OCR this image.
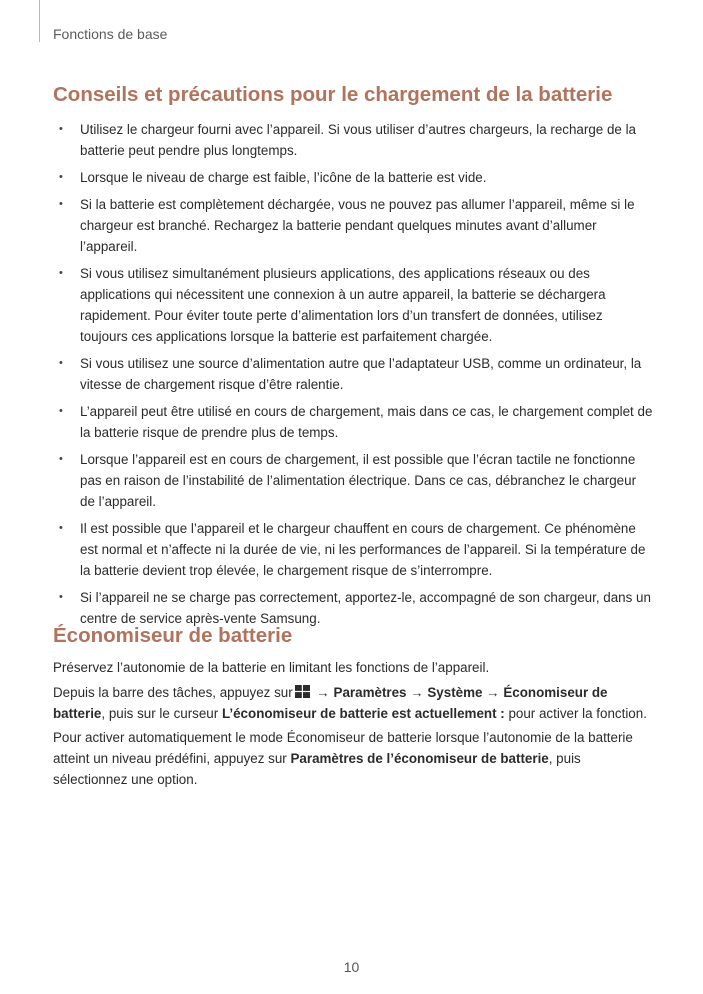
Fonctions de base
Conseils et précautions pour le chargement de la batterie
• Utilisez le chargeur fourni avec l’appareil. Si vous utiliser d’autres chargeurs, la recharge de la batterie peut pendre plus longtemps.
• Lorsque le niveau de charge est faible, l’icône de la batterie est vide.
• Si la batterie est complètement déchargée, vous ne pouvez pas allumer l’appareil, même si le chargeur est branché. Rechargez la batterie pendant quelques minutes avant d’allumer l’appareil.
• Si vous utilisez simultanément plusieurs applications, des applications réseaux ou des applications qui nécessitent une connexion à un autre appareil, la batterie se déchargera rapidement. Pour éviter toute perte d’alimentation lors d’un transfert de données, utilisez toujours ces applications lorsque la batterie est parfaitement chargée.
• Si vous utilisez une source d’alimentation autre que l’adaptateur USB, comme un ordinateur, la vitesse de chargement risque d’être ralentie.
• L’appareil peut être utilisé en cours de chargement, mais dans ce cas, le chargement complet de la batterie risque de prendre plus de temps.
• Lorsque l’appareil est en cours de chargement, il est possible que l’écran tactile ne fonctionne pas en raison de l’instabilité de l’alimentation électrique. Dans ce cas, débranchez le chargeur de l’appareil.
• Il est possible que l’appareil et le chargeur chauffent en cours de chargement. Ce phénomène est normal et n’affecte ni la durée de vie, ni les performances de l’appareil. Si la température de la batterie devient trop élevée, le chargement risque de s’interrompre.
• Si l’appareil ne se charge pas correctement, apportez-le, accompagné de son chargeur, dans un centre de service après-vente Samsung.
Économiseur de batterie

Préservez l’autonomie de la batterie en limitant les fonctions de l’appareil.

Depuis la barre des tâches, appuyez sur → Paramètres → Système → Économiseur de batterie, puis sur le curseur L’économiseur de batterie est actuellement : pour activer la fonction.

Pour activer automatiquement le mode Économiseur de batterie lorsque l’autonomie de la batterie atteint un niveau prédéfini, appuyez sur Paramètres de l’économiseur de batterie, puis sélectionnez une option.

10
